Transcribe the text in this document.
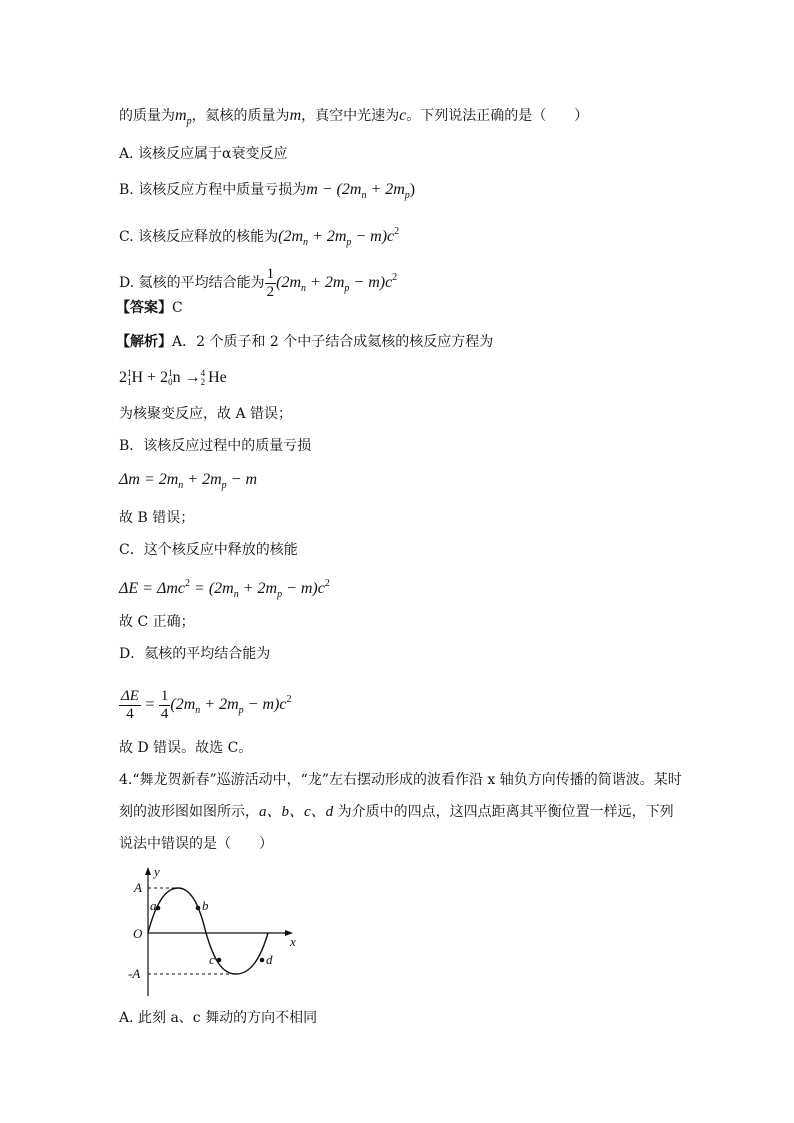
的质量为$m_p$，氦核的质量为m，真空中光速为c。下列说法正确的是（　　）
A. 该核反应属于α衰变反应
B. 该核反应方程中质量亏损为$m - (2m_n + 2m_p)$
C. 该核反应释放的核能为$(2m_n + 2m_p - m)c^2$
D. 氦核的平均结合能为 $\frac{1}{2} (2m_n + 2m_p - m)c^2$
【答案】C
【解析】A．2 个质子和 2 个中子结合成氦核的核反应方程为
2 1
1 H + 2 1
0 n → 4
2 He
为核聚变反应，故 A 错误；
B．该核反应过程中的质量亏损
$\Delta m = 2m_n + 2m_p - m$
故 B 错误；
C．这个核反应中释放的核能
$\Delta E = \Delta mc^2 = (2m_n + 2m_p - m)c^2$
故 C 正确；
D．氦核的平均结合能为
$\frac{\Delta E}{4} = \frac{1}{4} (2m_n + 2m_p - m)c^2$
故 D 错误。故选 C。
4.“舞龙贺新春”巡游活动中，“龙”左右摆动形成的波看作沿 x 轴负方向传播的简谐波。某时
刻的波形图如图所示，a、b、c、d 为介质中的四点，这四点距离其平衡位置一样远，下列
说法中错误的是（　　）
y
x
A
-A
O
a	b
c	d
A. 此刻 a、c 舞动的方向不相同
